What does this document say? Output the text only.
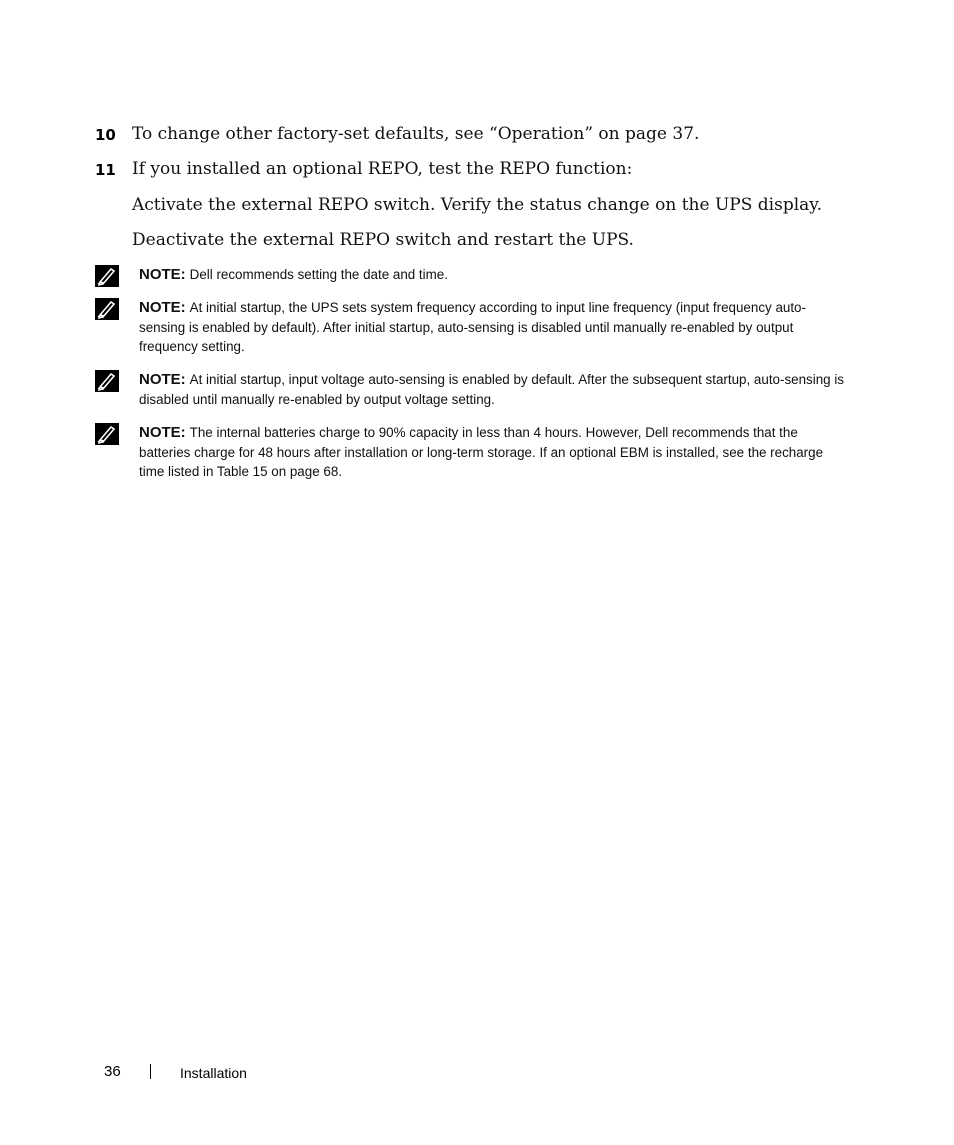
10 To change other factory-set defaults, see “Operation” on page 37.
11 If you installed an optional REPO, test the REPO function:
Activate the external REPO switch. Verify the status change on the UPS display.
Deactivate the external REPO switch and restart the UPS.
NOTE: Dell recommends setting the date and time.
NOTE: At initial startup, the UPS sets system frequency according to input line frequency (input frequency auto-sensing is enabled by default). After initial startup, auto-sensing is disabled until manually re-enabled by output frequency setting.
NOTE: At initial startup, input voltage auto-sensing is enabled by default. After the subsequent startup, auto-sensing is disabled until manually re-enabled by output voltage setting.
NOTE: The internal batteries charge to 90% capacity in less than 4 hours. However, Dell recommends that the batteries charge for 48 hours after installation or long-term storage. If an optional EBM is installed, see the recharge time listed in Table 15 on page 68.
36	Installation
